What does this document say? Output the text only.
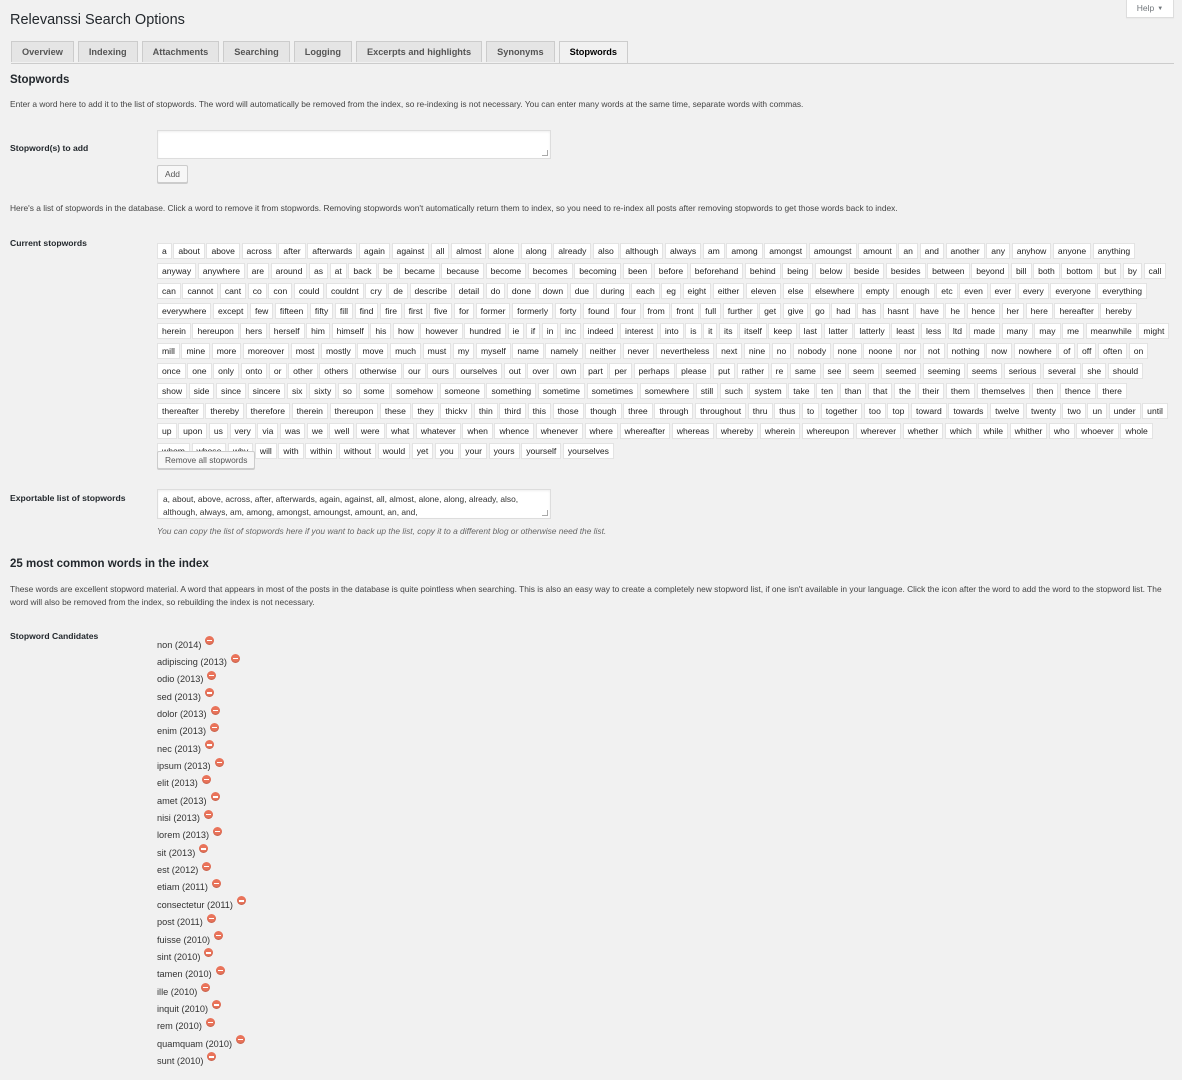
Help ▼
Relevanssi Search Options
Overview	Indexing	Attachments	Searching	Logging	Excerpts and highlights	Synonyms	Stopwords
Stopwords

Enter a word here to add it to the list of stopwords. The word will automatically be removed from the index, so re-indexing is not necessary. You can enter many words at the same time, separate words with commas.

Stopword(s) to add

Add

Here's a list of stopwords in the database. Click a word to remove it from stopwords. Removing stopwords won't automatically return them to index, so you need to re-index all posts after removing stopwords to get those words back to index.

Current stopwords

a	about	above	across	after	afterwards	again	against	all	almost	alone	along	already	also	although	always	am	among	amongst	amoungst	amount	an	and	another	any	anyhow	anyone	anything
anyway	anywhere	are	around	as	at	back	be	became	because	become	becomes	becoming	been	before	beforehand	behind	being	below	beside	besides	between	beyond	bill	both	bottom	but	by	call
can	cannot	cant	co	con	could	couldnt	cry	de	describe	detail	do	done	down	due	during	each	eg	eight	either	eleven	else	elsewhere	empty	enough	etc	even	ever	every	everyone	everything
everywhere	except	few	fifteen	fifty	fill	find	fire	first	five	for	former	formerly	forty	found	four	from	front	full	further	get	give	go	had	has	hasnt	have	he	hence	her	here	hereafter	hereby
herein	hereupon	hers	herself	him	himself	his	how	however	hundred	ie	if	in	inc	indeed	interest	into	is	it	its	itself	keep	last	latter	latterly	least	less	ltd	made	many	may	me	meanwhile	might
mill	mine	more	moreover	most	mostly	move	much	must	my	myself	name	namely	neither	never	nevertheless	next	nine	no	nobody	none	noone	nor	not	nothing	now	nowhere	of	off	often	on
once	one	only	onto	or	other	others	otherwise	our	ours	ourselves	out	over	own	part	per	perhaps	please	put	rather	re	same	see	seem	seemed	seeming	seems	serious	several	she	should
show	side	since	sincere	six	sixty	so	some	somehow	someone	something	sometime	sometimes	somewhere	still	such	system	take	ten	than	that	the	their	them	themselves	then	thence	there
thereafter	thereby	therefore	therein	thereupon	these	they	thickv	thin	third	this	those	though	three	through	throughout	thru	thus	to	together	too	top	toward	towards	twelve	twenty	two	un	under	until
up	upon	us	very	via	was	we	well	were	what	whatever	when	whence	whenever	where	whereafter	whereas	whereby	wherein	whereupon	wherever	whether	which	while	whither	who	whoever	whole
will	with	within	without	would	yet	you	your	yours	yourself	yourselves
Remove all stopwords

Exportable list of stopwords	a, about, above, across, after, afterwards, again, against, all, almost, alone, along, already, also, although, always, am, among, amongst, amoungst, amount, an, and,

You can copy the list of stopwords here if you want to back up the list, copy it to a different blog or otherwise need the list.

25 most common words in the index

These words are excellent stopword material. A word that appears in most of the posts in the database is quite pointless when searching. This is also an easy way to create a completely new stopword list, if one isn't available in your language. Click the icon after the word to add the word to the stopword list. The word will also be removed from the index, so rebuilding the index is not necessary.

Stopword Candidates

non (2014)
adipiscing (2013)
odio (2013)
sed (2013)
dolor (2013)
enim (2013)
nec (2013)
ipsum (2013)
elit (2013)
amet (2013)
nisi (2013)
lorem (2013)
sit (2013)
est (2012)
etiam (2011)
consectetur (2011)
post (2011)
fuisse (2010)
sint (2010)
tamen (2010)
ille (2010)
inquit (2010)
rem (2010)
quamquam (2010)
sunt (2010)
